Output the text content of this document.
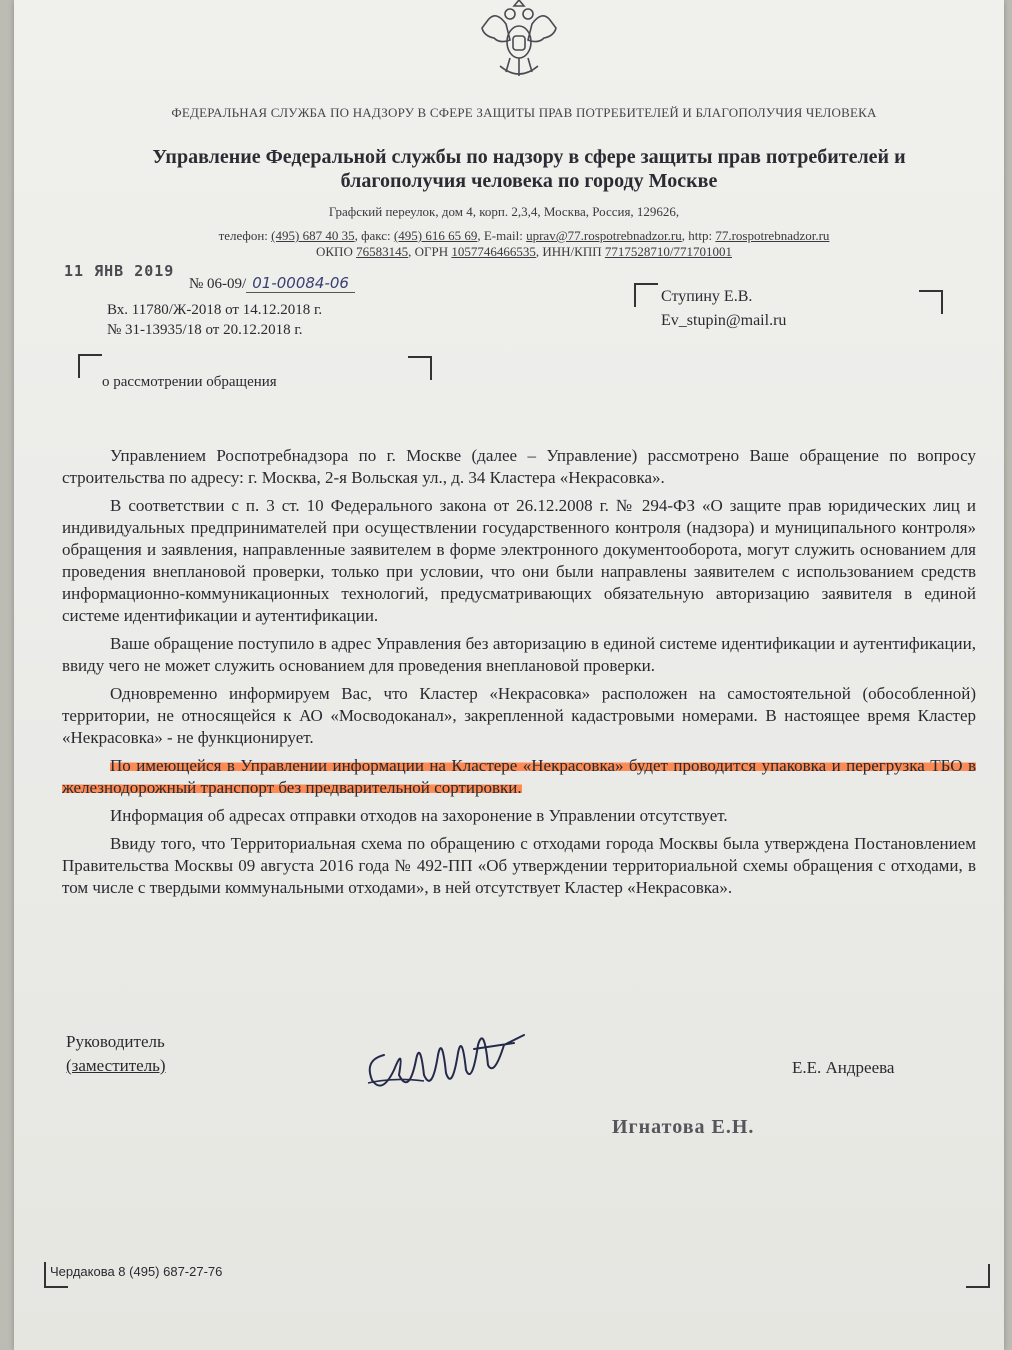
ФЕДЕРАЛЬНАЯ СЛУЖБА ПО НАДЗОРУ В СФЕРЕ ЗАЩИТЫ ПРАВ ПОТРЕБИТЕЛЕЙ И БЛАГОПОЛУЧИЯ ЧЕЛОВЕКА
Управление Федеральной службы по надзору в сфере защиты прав потребителей и благополучия человека по городу Москве
Графский переулок, дом 4, корп. 2,3,4, Москва, Россия, 129626,
телефон: (495) 687 40 35, факс: (495) 616 65 69, E-mail: uprav@77.rospotrebnadzor.ru, http: 77.rospotrebnadzor.ru
ОКПО 76583145, ОГРН 1057746466535, ИНН/КПП 7717528710/771701001
11 ЯНВ 2019
№ 06-09/ 01-00084-06
Вх. 11780/Ж-2018 от 14.12.2018 г.
№ 31-13935/18 от 20.12.2018 г.
Ступину Е.В.
Ev_stupin@mail.ru
о рассмотрении обращения

Управлением Роспотребнадзора по г. Москве (далее – Управление) рассмотрено Ваше обращение по вопросу строительства по адресу: г. Москва, 2-я Вольская ул., д. 34 Кластера «Некрасовка».

В соответствии с п. 3 ст. 10 Федерального закона от 26.12.2008 г. № 294-ФЗ «О защите прав юридических лиц и индивидуальных предпринимателей при осуществлении государственного контроля (надзора) и муниципального контроля» обращения и заявления, направленные заявителем в форме электронного документооборота, могут служить основанием для проведения внеплановой проверки, только при условии, что они были направлены заявителем с использованием средств информационно-коммуникационных технологий, предусматривающих обязательную авторизацию заявителя в единой системе идентификации и аутентификации.

Ваше обращение поступило в адрес Управления без авторизацию в единой системе идентификации и аутентификации, ввиду чего не может служить основанием для проведения внеплановой проверки.

Одновременно информируем Вас, что Кластер «Некрасовка» расположен на самостоятельной (обособленной) территории, не относящейся к АО «Мосводоканал», закрепленной кадастровыми номерами. В настоящее время Кластер «Некрасовка» - не функционирует.

По имеющейся в Управлении информации на Кластере «Некрасовка» будет проводится упаковка и перегрузка ТБО в железнодорожный транспорт без предварительной сортировки.

Информация об адресах отправки отходов на захоронение в Управлении отсутствует.

Ввиду того, что Территориальная схема по обращению с отходами города Москвы была утверждена Постановлением Правительства Москвы 09 августа 2016 года № 492-ПП «Об утверждении территориальной схемы обращения с отходами, в том числе с твердыми коммунальными отходами», в ней отсутствует Кластер «Некрасовка».

Руководитель
(заместитель)	Е.Е. Андреева
Игнатова Е.Н.
Чердакова 8 (495) 687-27-76
